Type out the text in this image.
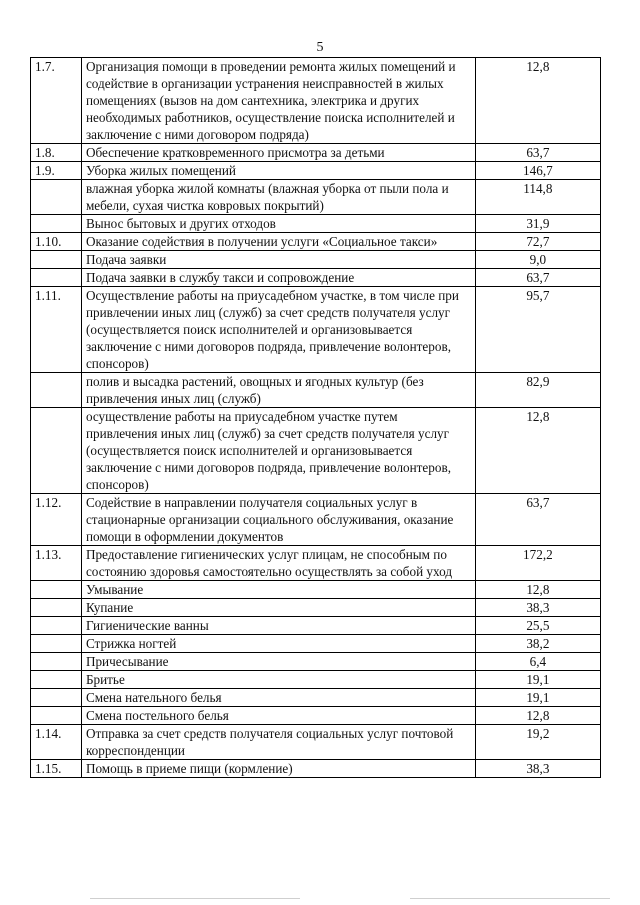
5
1.7.	Организация помощи в проведении ремонта жилых помещений и содействие в организации устранения неисправностей в жилых помещениях (вызов на дом сантехника, электрика и других необходимых работников, осуществление поиска исполнителей и заключение с ними договором подряда)	12,8
1.8.	Обеспечение кратковременного присмотра за детьми	63,7
1.9.	Уборка жилых помещений	146,7
	влажная уборка жилой комнаты (влажная уборка от пыли пола и мебели, сухая чистка ковровых покрытий)	114,8
	Вынос бытовых и других отходов	31,9
1.10.	Оказание содействия в получении услуги «Социальное такси»	72,7
	Подача заявки	9,0
	Подача заявки в службу такси и сопровождение	63,7
1.11.	Осуществление работы на приусадебном участке, в том числе при привлечении иных лиц (служб) за счет средств получателя услуг (осуществляется поиск исполнителей и организовывается заключение с ними договоров подряда, привлечение волонтеров, спонсоров)	95,7
	полив и высадка растений, овощных и ягодных культур (без привлечения иных лиц (служб)	82,9
	осуществление работы на приусадебном участке путем привлечения иных лиц (служб) за счет средств получателя услуг (осуществляется поиск исполнителей и организовывается заключение с ними договоров подряда, привлечение волонтеров, спонсоров)	12,8
1.12.	Содействие в направлении получателя социальных услуг в стационарные организации социального обслуживания, оказание помощи в оформлении документов	63,7
1.13.	Предоставление гигиенических услуг плицам, не способным по состоянию здоровья самостоятельно осуществлять за собой уход	172,2
	Умывание	12,8
	Купание	38,3
	Гигиенические ванны	25,5
	Стрижка ногтей	38,2
	Причесывание	6,4
	Бритье	19,1
	Смена нательного белья	19,1
	Смена постельного белья	12,8
1.14.	Отправка за счет средств получателя социальных услуг почтовой корреспонденции	19,2
1.15.	Помощь в приеме пищи (кормление)	38,3
